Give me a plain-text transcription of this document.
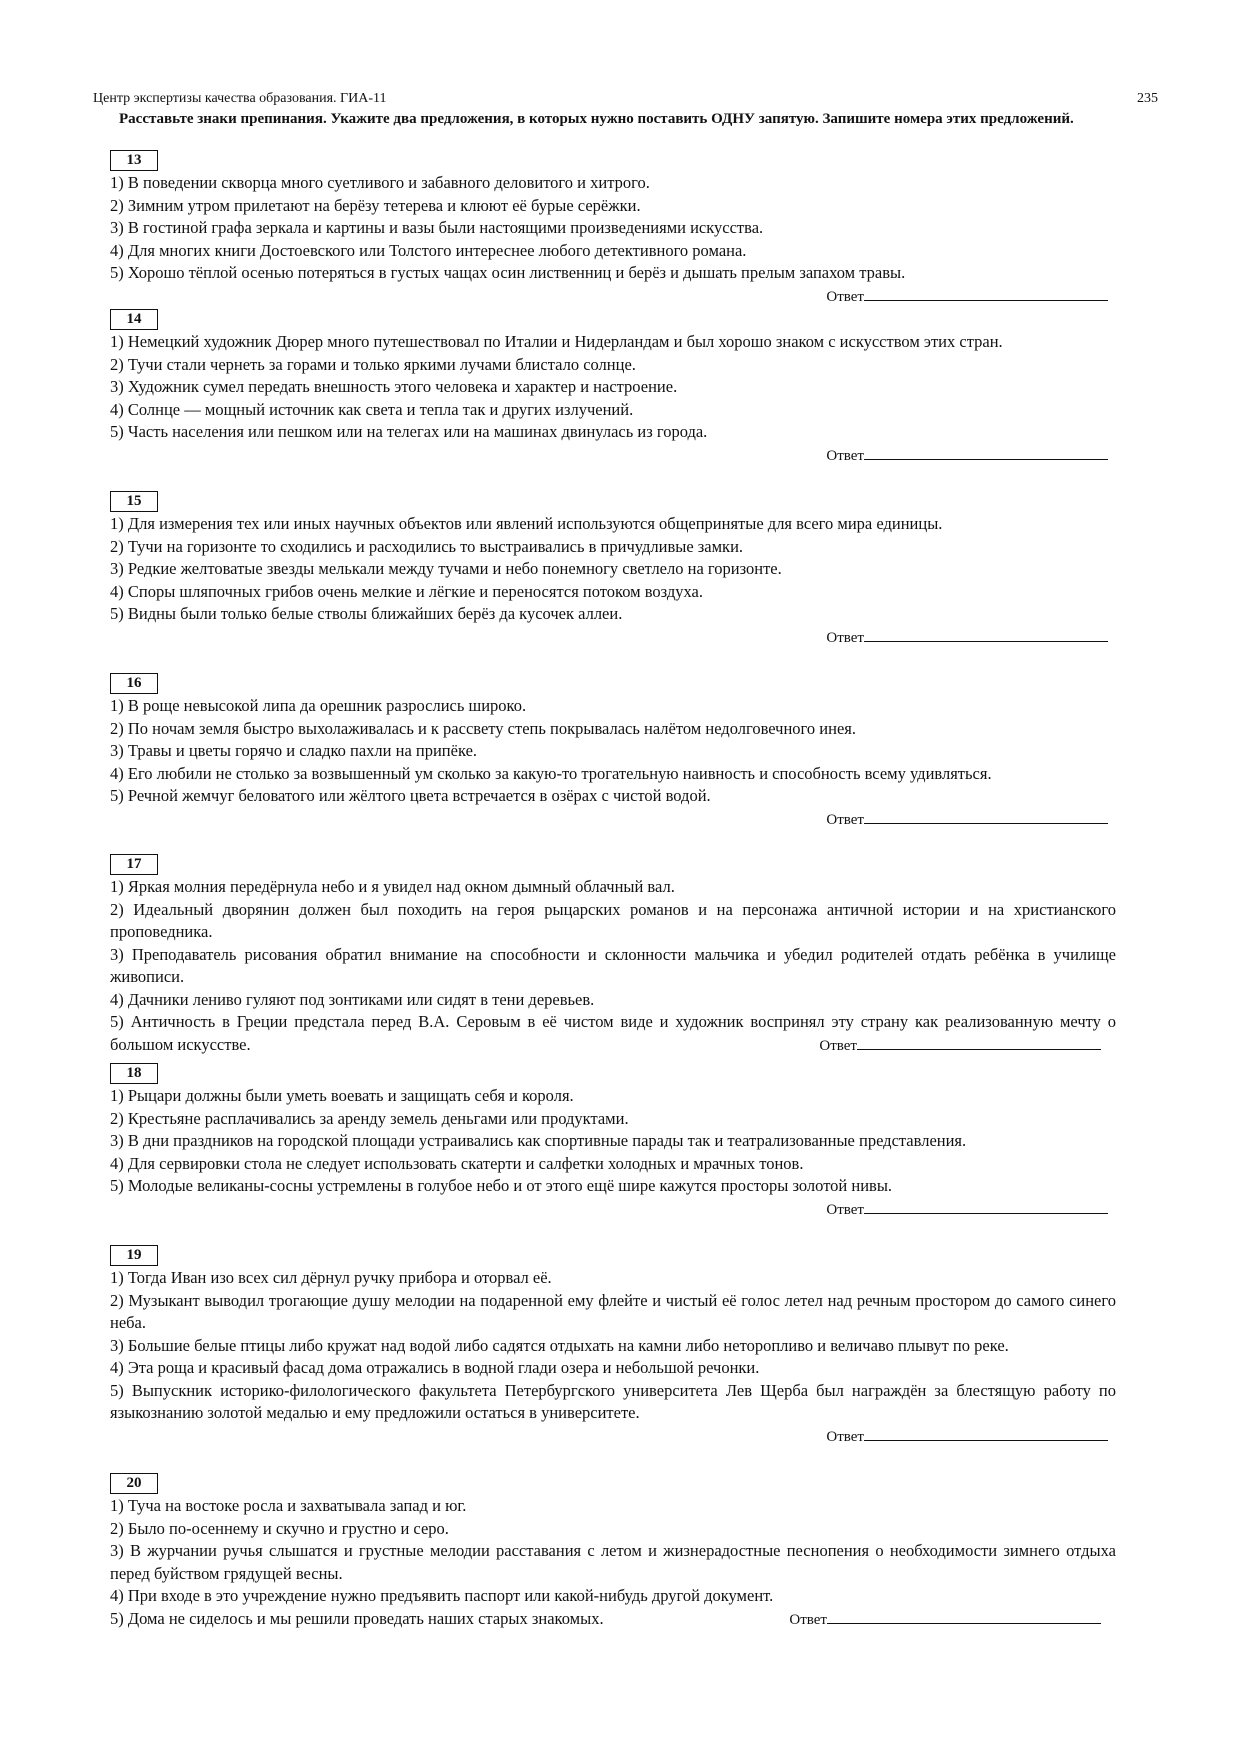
Центр экспертизы качества образования. ГИА-11	235
Расставьте знаки препинания. Укажите два предложения, в которых нужно поставить ОДНУ запятую. Запишите номера этих предложений.
13
1) В поведении скворца много суетливого и забавного деловитого и хитрого.
2) Зимним утром прилетают на берёзу тетерева и клюют её бурые серёжки.
3) В гостиной графа зеркала и картины и вазы были настоящими произведениями искусства.
4) Для многих книги Достоевского или Толстого интереснее любого детективного романа.
5) Хорошо тёплой осенью потеряться в густых чащах осин лиственниц и берёз и дышать прелым запахом травы.
Ответ
14
1) Немецкий художник Дюрер много путешествовал по Италии и Нидерландам и был хорошо знаком с искусством этих стран.
2) Тучи стали чернеть за горами и только яркими лучами блистало солнце.
3) Художник сумел передать внешность этого человека и характер и настроение.
4) Солнце — мощный источник как света и тепла так и других излучений.
5) Часть населения или пешком или на телегах или на машинах двинулась из города.
Ответ
15
1) Для измерения тех или иных научных объектов или явлений используются общепринятые для всего мира единицы.
2) Тучи на горизонте то сходились и расходились то выстраивались в причудливые замки.
3) Редкие желтоватые звезды мелькали между тучами и небо понемногу светлело на горизонте.
4) Споры шляпочных грибов очень мелкие и лёгкие и переносятся потоком воздуха.
5) Видны были только белые стволы ближайших берёз да кусочек аллеи.
Ответ
16
1) В роще невысокой липа да орешник разрослись широко.
2) По ночам земля быстро выхолаживалась и к рассвету степь покрывалась налётом недолговечного инея.
3) Травы и цветы горячо и сладко пахли на припёке.
4) Его любили не столько за возвышенный ум сколько за какую-то трогательную наивность и способность всему удивляться.
5) Речной жемчуг беловатого или жёлтого цвета встречается в озёрах с чистой водой.
Ответ
17
1) Яркая молния передёрнула небо и я увидел над окном дымный облачный вал.
2) Идеальный дворянин должен был походить на героя рыцарских романов и на персонажа античной истории и на христианского проповедника.
3) Преподаватель рисования обратил внимание на способности и склонности мальчика и убедил родителей отдать ребёнка в училище живописи.
4) Дачники лениво гуляют под зонтиками или сидят в тени деревьев.
5) Античность в Греции предстала перед В.А. Серовым в её чистом виде и художник воспринял эту страну как реализованную мечту о большом искусстве.	Ответ
18
1) Рыцари должны были уметь воевать и защищать себя и короля.
2) Крестьяне расплачивались за аренду земель деньгами или продуктами.
3) В дни праздников на городской площади устраивались как спортивные парады так и театрализованные представления.
4) Для сервировки стола не следует использовать скатерти и салфетки холодных и мрачных тонов.
5) Молодые великаны-сосны устремлены в голубое небо и от этого ещё шире кажутся просторы золотой нивы.
Ответ
19
1) Тогда Иван изо всех сил дёрнул ручку прибора и оторвал её.
2) Музыкант выводил трогающие душу мелодии на подаренной ему флейте и чистый её голос летел над речным простором до самого синего неба.
3) Большие белые птицы либо кружат над водой либо садятся отдыхать на камни либо неторопливо и величаво плывут по реке.
4) Эта роща и красивый фасад дома отражались в водной глади озера и небольшой речонки.
5) Выпускник историко-филологического факультета Петербургского университета Лев Щерба был награждён за блестящую работу по языкознанию золотой медалью и ему предложили остаться в университете.
Ответ
20
1) Туча на востоке росла и захватывала запад и юг.
2) Было по-осеннему и скучно и грустно и серо.
3) В журчании ручья слышатся и грустные мелодии расставания с летом и жизнерадостные песнопения о необходимости зимнего отдыха перед буйством грядущей весны.
4) При входе в это учреждение нужно предъявить паспорт или какой-нибудь другой документ.
5) Дома не сиделось и мы решили проведать наших старых знакомых.	Ответ
